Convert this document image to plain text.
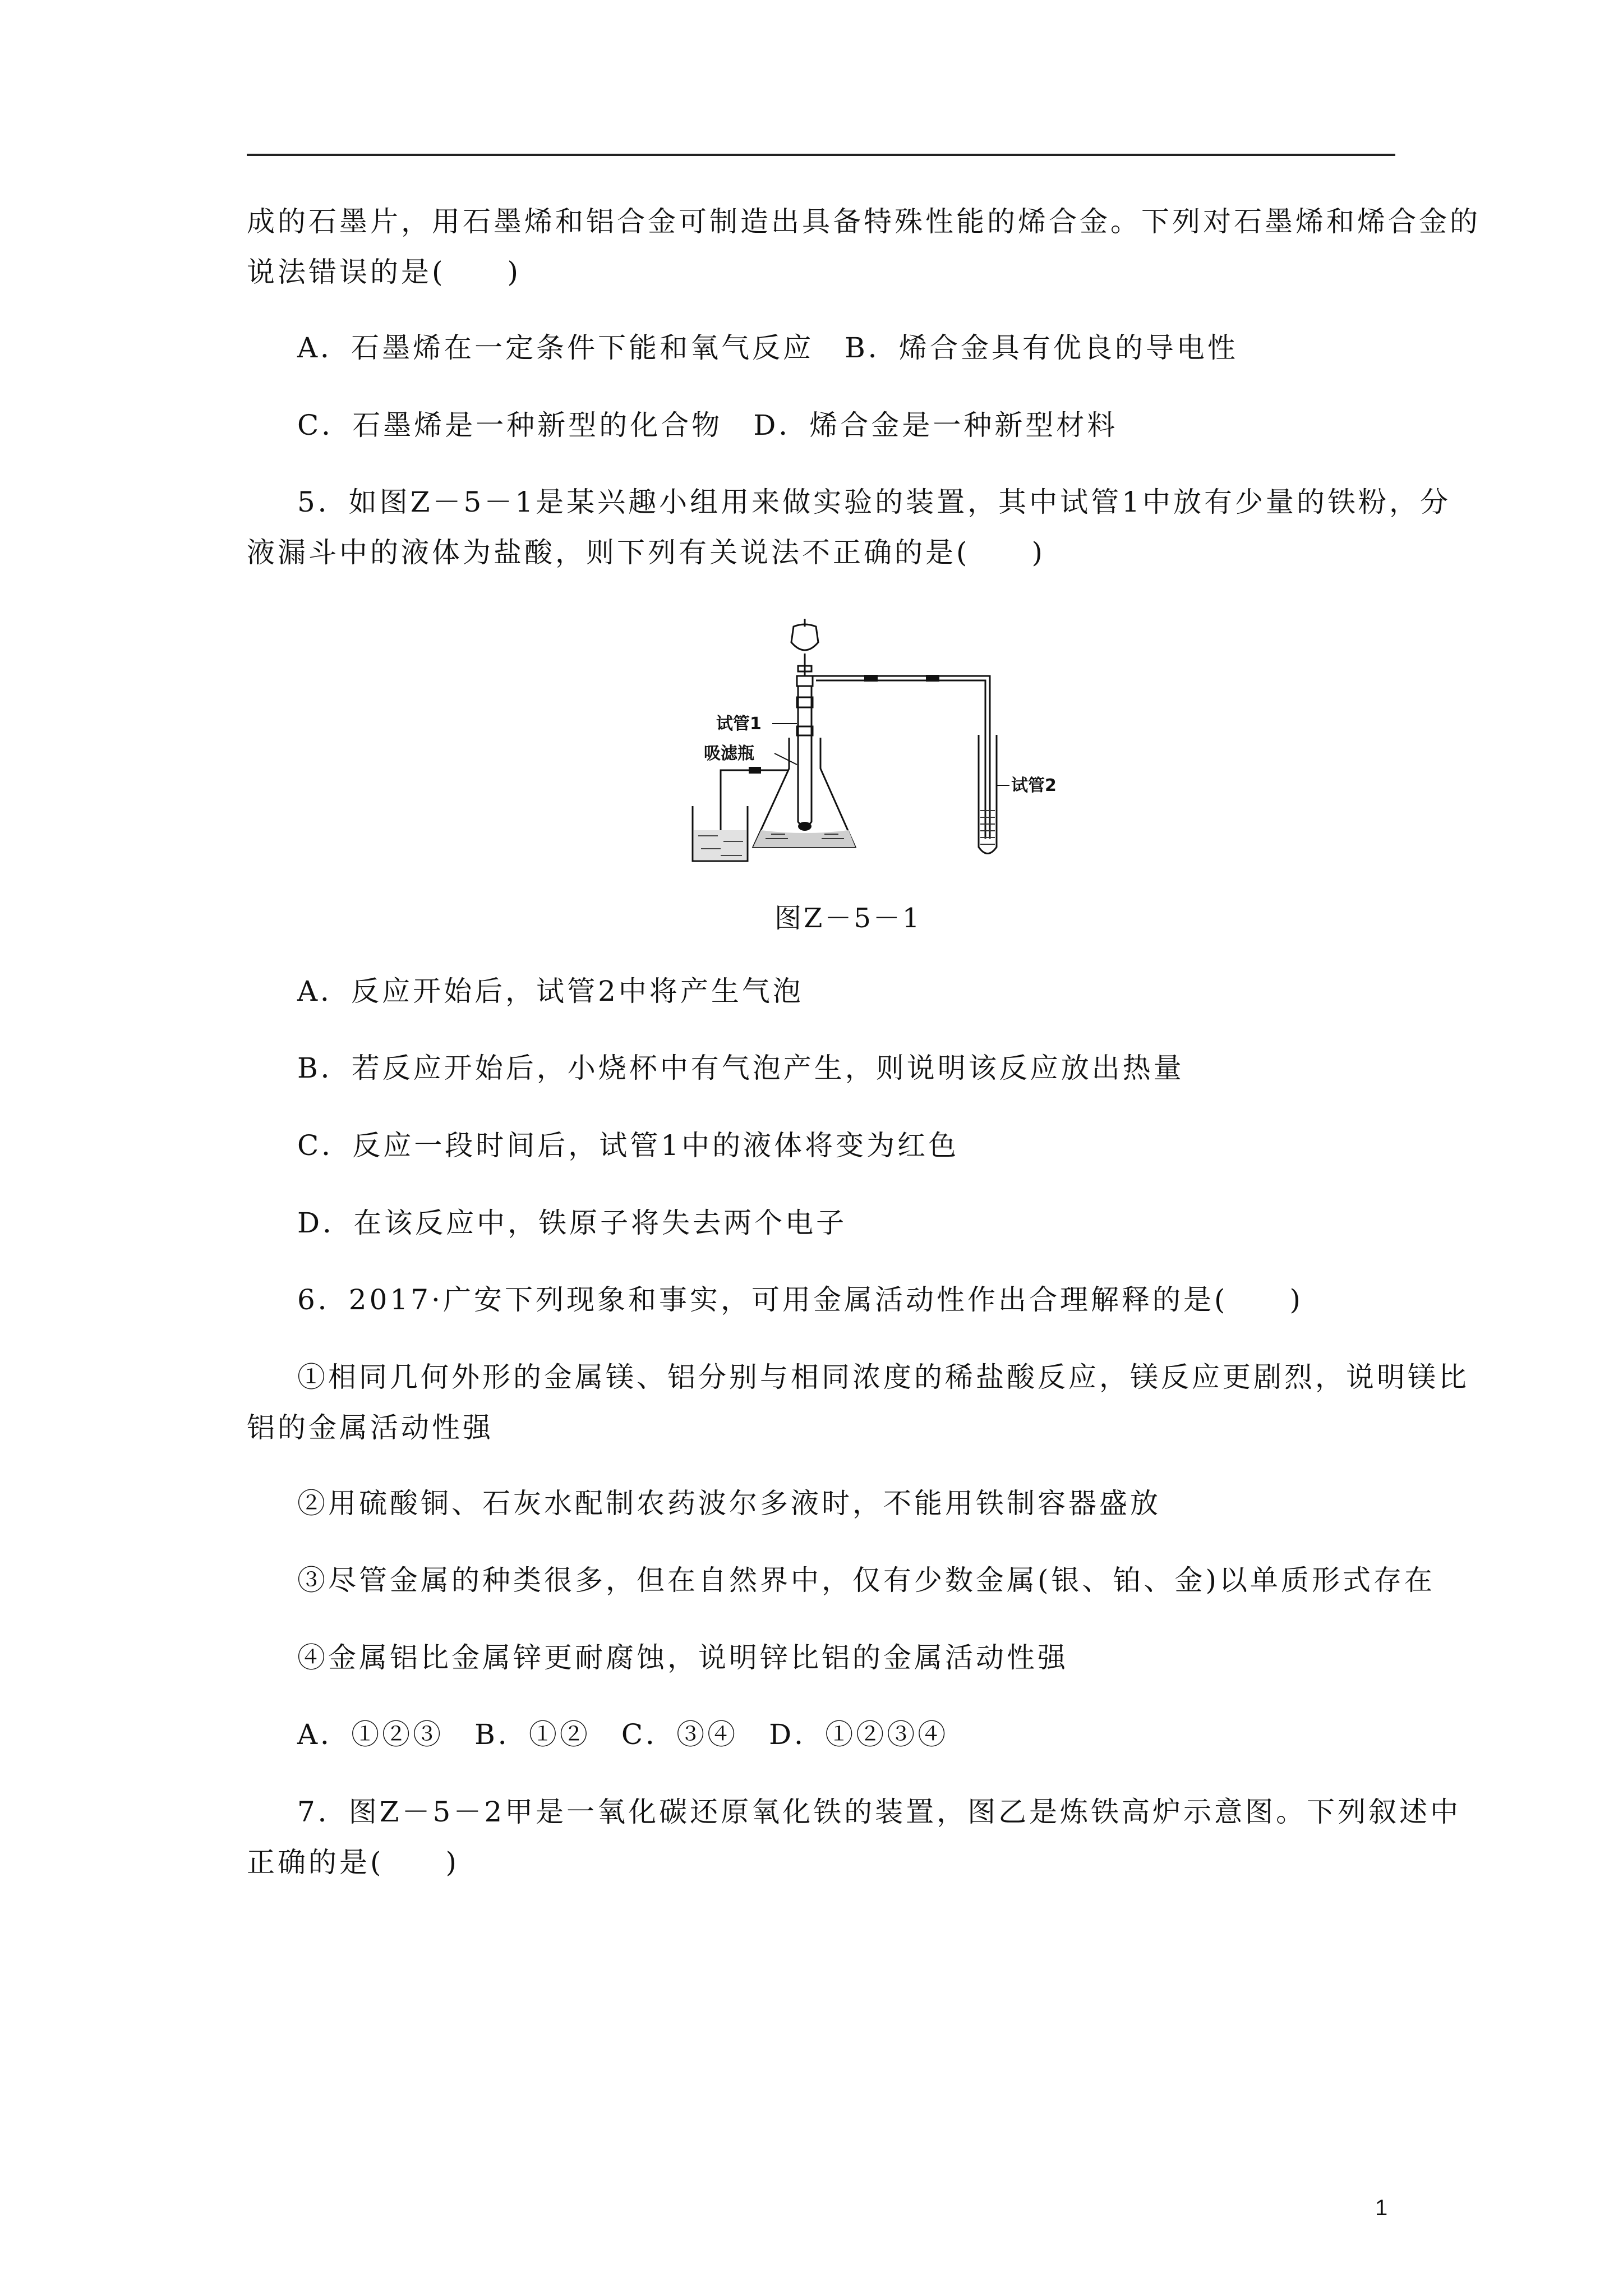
成的石墨片，用石墨烯和铝合金可制造出具备特殊性能的烯合金。下列对石墨烯和烯合金的
说法错误的是(　　)
A．石墨烯在一定条件下能和氧气反应　B．烯合金具有优良的导电性
C．石墨烯是一种新型的化合物　D．烯合金是一种新型材料
5．如图Z－5－1是某兴趣小组用来做实验的装置，其中试管1中放有少量的铁粉，分
液漏斗中的液体为盐酸，则下列有关说法不正确的是(　　)
试管1
吸滤瓶
试管2
图Z－5－1
A．反应开始后，试管2中将产生气泡
B．若反应开始后，小烧杯中有气泡产生，则说明该反应放出热量
C．反应一段时间后，试管1中的液体将变为红色
D．在该反应中，铁原子将失去两个电子
6．2017·广安下列现象和事实，可用金属活动性作出合理解释的是(　　)
①相同几何外形的金属镁、铝分别与相同浓度的稀盐酸反应，镁反应更剧烈，说明镁比
铝的金属活动性强
②用硫酸铜、石灰水配制农药波尔多液时，不能用铁制容器盛放
③尽管金属的种类很多，但在自然界中，仅有少数金属(银、铂、金)以单质形式存在
④金属铝比金属锌更耐腐蚀，说明锌比铝的金属活动性强
A．①②③　B．①②　C．③④　D．①②③④
7．图Z－5－2甲是一氧化碳还原氧化铁的装置，图乙是炼铁高炉示意图。下列叙述中
正确的是(　　)
1
